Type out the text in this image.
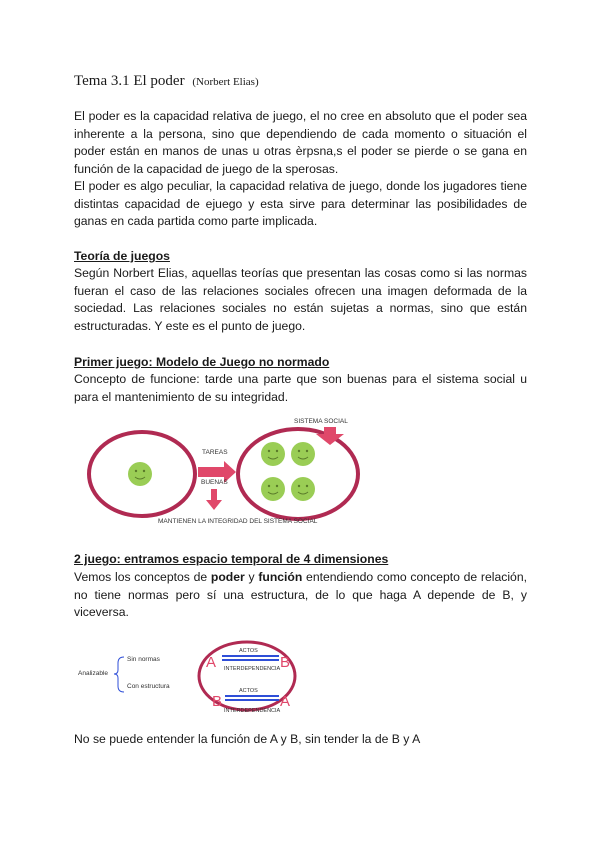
Tema 3.1 El poder (Norbert Elias)
El poder es la capacidad relativa de juego, el no cree en absoluto que el poder sea
inherente a la persona, sino que dependiendo de cada momento o situación el
poder están en manos de unas u otras èrpsna,s el poder se pierde o se gana en
función de la capacidad de juego de la sperosas.
El poder es algo peculiar, la capacidad relativa de juego, donde los jugadores tiene
distintas capacidad de ejuego y esta sirve para determinar las posibilidades de
ganas en cada partida como parte implicada.
Teoría de juegos
Según Norbert Elias, aquellas teorías que presentan las cosas como si las normas
fueran el caso de las relaciones sociales ofrecen una imagen deformada de la
sociedad. Las relaciones sociales no están sujetas a normas, sino que están
estructuradas. Y este es el punto de juego.
Primer juego: Modelo de Juego no normado
Concepto de funcione: tarde una parte que son buenas para el sistema social u
para el mantenimiento de su integridad.
TAREAS
BUENAS
SISTEMA SOCIAL
MANTIENEN LA INTEGRIDAD DEL SISTEMA SOCIAL
2 juego: entramos espacio temporal de 4 dimensiones
Vemos los conceptos de poder y función entendiendo como concepto de relación,
no tiene normas pero sí una estructura, de lo que haga A depende de B, y
viceversa.
Analizable
Sin normas
Con estructura
A	B
ACTOS
INTERDEPENDENCIA
B	A
ACTOS
INTERDEPENDENCIA
No se puede entender la función de A y B, sin tender la de B y A
